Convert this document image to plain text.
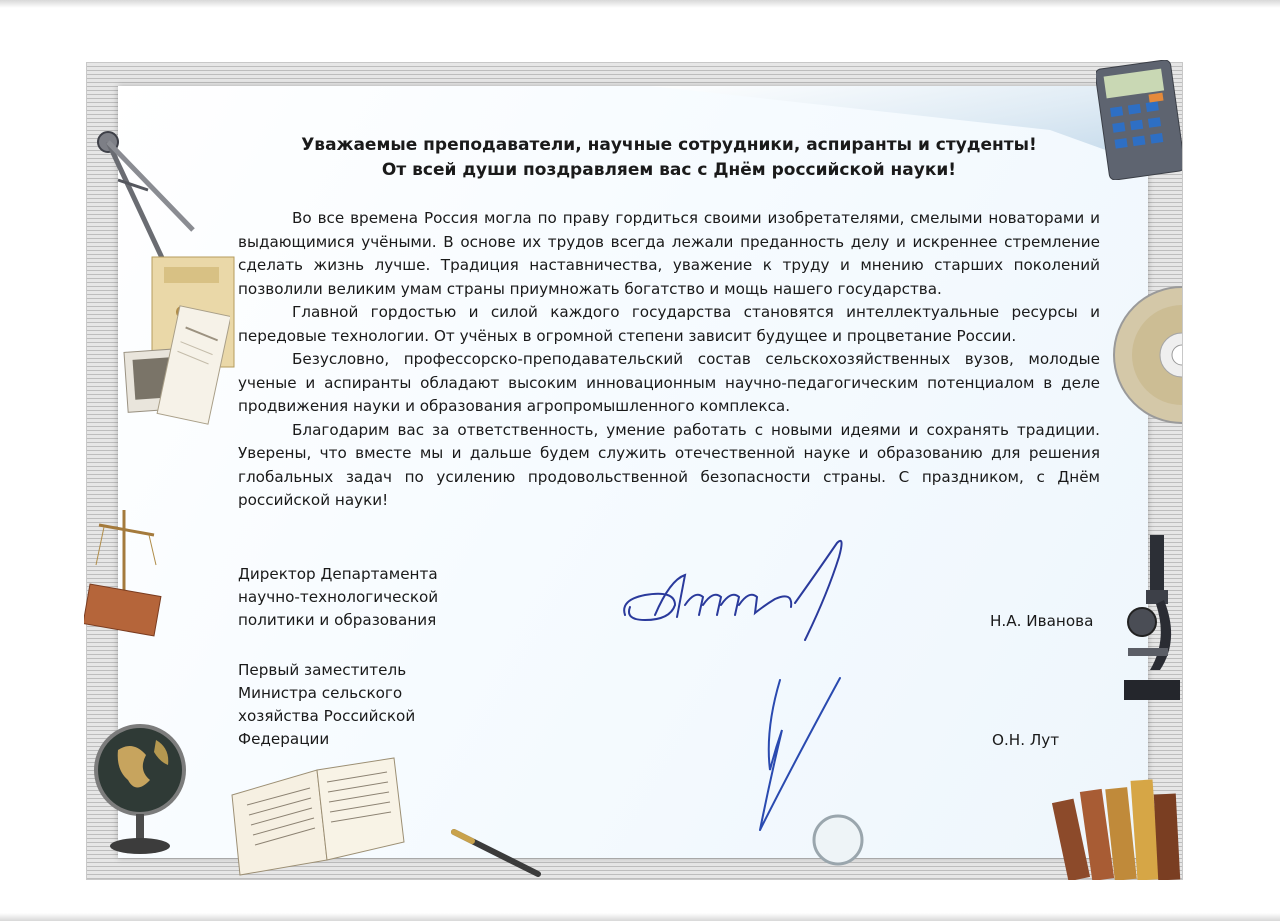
Уважаемые преподаватели, научные сотрудники, аспиранты и студенты!

От всей души поздравляем вас с Днём российской науки!

Во все времена Россия могла по праву гордиться своими изобретателями, смелыми новаторами и выдающимися учёными. В основе их трудов всегда лежали преданность делу и искреннее стремление сделать жизнь лучше. Традиция наставничества, уважение к труду и мнению старших поколений позволили великим умам страны приумножать богатство и мощь нашего государства.

Главной гордостью и силой каждого государства становятся интеллектуальные ресурсы и передовые технологии. От учёных в огромной степени зависит будущее и процветание России.

Безусловно, профессорско-преподавательский состав сельскохозяйственных вузов, молодые ученые и аспиранты обладают высоким инновационным научно-педагогическим потенциалом в деле продвижения науки и образования агропромышленного комплекса.

Благодарим вас за ответственность, умение работать с новыми идеями и сохранять традиции. Уверены, что вместе мы и дальше будем служить отечественной науке и образованию для решения глобальных задач по усилению продовольственной безопасности страны. С праздником, с Днём российской науки!

Директор Департамента
научно-технологической
политики и образования	Н.А. Иванова
Первый заместитель
Министра сельского
хозяйства Российской
Федерации	О.Н. Лут
